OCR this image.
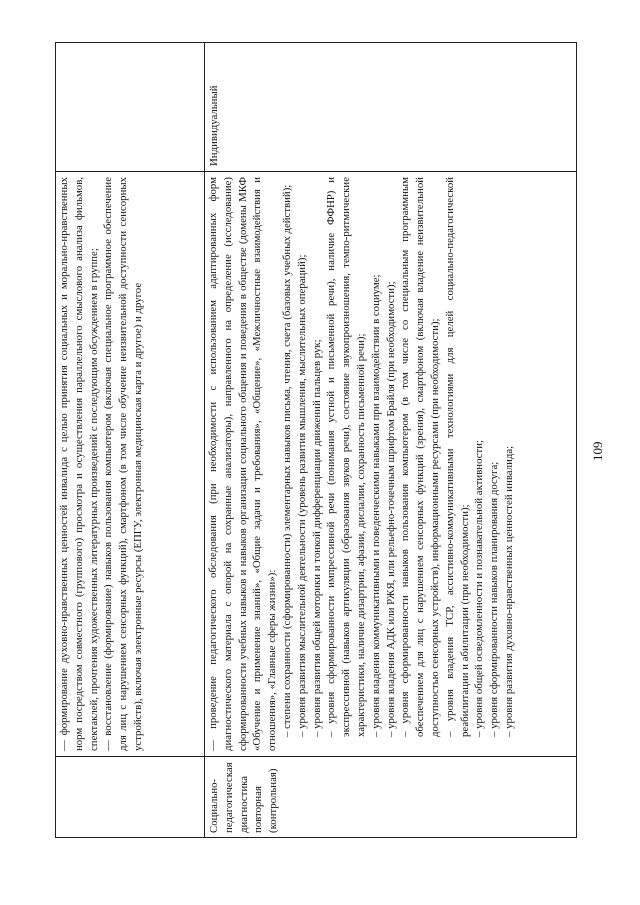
109

— формирование духовно-нравственных ценностей инвалида с целью принятия социальных и морально-нравственных норм посредством совместного (группового) просмотра и осуществления параллельного смыслового анализа фильмов, спектаклей, прочтения художественных литературных произведений с последующим обсуждением в группе; — восстановление (формирование) навыков пользования компьютером (включая специальное программное обеспечение для лиц с нарушением сенсорных функций), смартфоном (в том числе обучение неизвительной доступности сенсорных устройств), включая электронные ресурсы (ЕПГУ, электронная медицинская карта и другое) и другое

Социально-педагогическая диагностика повторная (контрольная)
Индивидуальный

— проведение педагогического обследования (при необходимости с использованием адаптированных форм диагностического материала с опорой на сохранные анализаторы), направленного на определение (исследование) сформированности учебных навыков и навыков организации социального общения и поведения в обществе (домены МКФ «Обучение и применение знаний», «Общие задачи и требования», «Общение», «Межличностные взаимодействия и отношения», «Главные сферы жизни»): – степени сохранности (сформированности) элементарных навыков письма, чтения, счета (базовых учебных действий); – уровня развития мыслительной деятельности (уровень развития мышления, мыслительных операций); – уровня развития общей моторики и тонкой дифференциации движений пальцев рук; – уровня сформированности импрессивной речи (понимания устной и письменной речи), наличие ФФНР) и экспрессивной (навыков артикуляции (образования звуков речи), состояние звукопроизношения, темпо-ритмические характеристики, наличие дизартрии, афазии, дислалии, сохранность письменной речи); – уровня владения коммуникативными и поведенческими навыками при взаимодействии в социуме; – уровня владения АДК или РЖЯ, или рельефно-точечным шрифтом Брайля (при необходимости); – уровня сформированности навыков пользования компьютером (в том числе со специальным программным обеспечением для лиц с нарушением сенсорных функций (зрения), смартфоном (включая владение неизвительной доступностью сенсорных устройств), информационными ресурсами (при необходимости); – уровня владения ТСР, ассистивно-коммуникативными технологиями для целей социально-педагогической реабилитации и абилитации (при необходимости); – уровня общей осведомленности и познавательной активности; – уровня сформированности навыков планирования досуга; – уровня развития духовно-нравственных ценностей инвалида;
